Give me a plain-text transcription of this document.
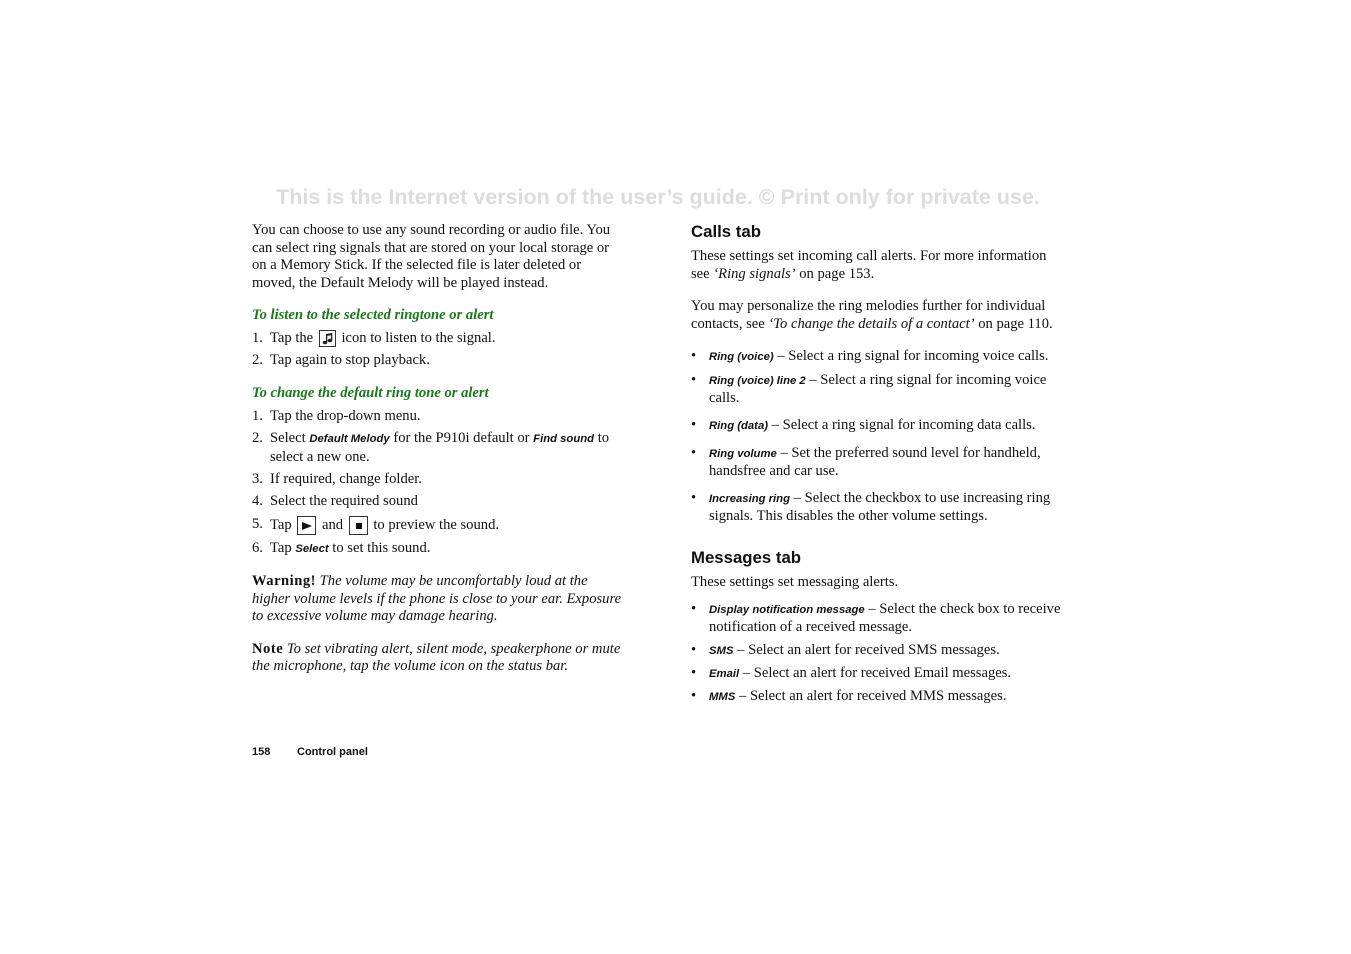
This is the Internet version of the user’s guide. © Print only for private use.

You can choose to use any sound recording or audio file. You can select ring signals that are stored on your local storage or on a Memory Stick. If the selected file is later deleted or moved, the Default Melody will be played instead.

To listen to the selected ringtone or alert

1. Tap the icon to listen to the signal.
2. Tap again to stop playback.

To change the default ring tone or alert

1. Tap the drop-down menu.
2. Select Default Melody for the P910i default or Find sound to select a new one.
3. If required, change folder.
4. Select the required sound
5. Tap and to preview the sound.
6. Tap Select to set this sound.

Warning! The volume may be uncomfortably loud at the higher volume levels if the phone is close to your ear. Exposure to excessive volume may damage hearing.

Note To set vibrating alert, silent mode, speakerphone or mute the microphone, tap the volume icon on the status bar.

Calls tab

These settings set incoming call alerts. For more information see ‘Ring signals’ on page 153.

You may personalize the ring melodies further for individual contacts, see ‘To change the details of a contact’ on page 110.

• Ring (voice) – Select a ring signal for incoming voice calls.
• Ring (voice) line 2 – Select a ring signal for incoming voice calls.
• Ring (data) – Select a ring signal for incoming data calls.
• Ring volume – Set the preferred sound level for handheld, handsfree and car use.
• Increasing ring – Select the checkbox to use increasing ring signals. This disables the other volume settings.
Messages tab

These settings set messaging alerts.

• Display notification message – Select the check box to receive notification of a received message.
• SMS – Select an alert for received SMS messages.
• Email – Select an alert for received Email messages.
• MMS – Select an alert for received MMS messages.
158 Control panel
